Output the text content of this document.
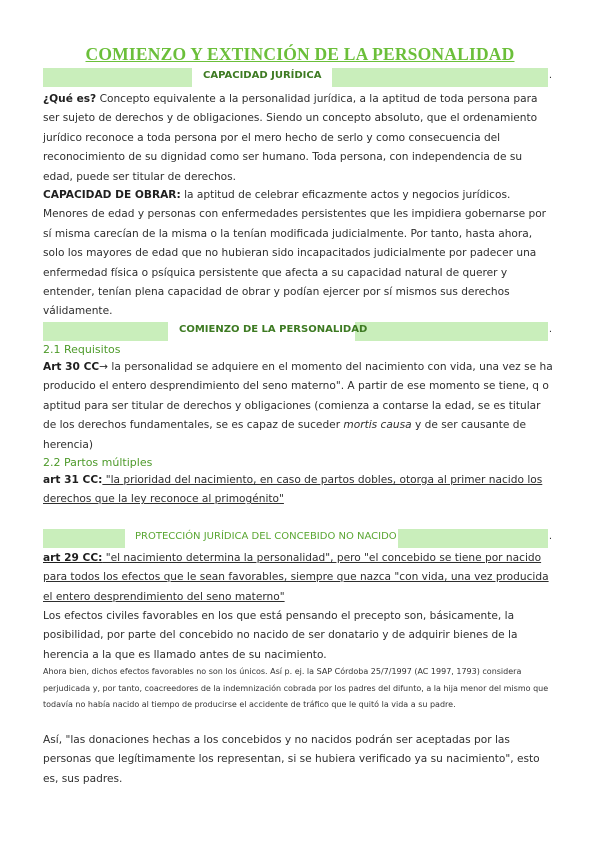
COMIENZO Y EXTINCIÓN DE LA PERSONALIDAD
CAPACIDAD JURÍDICA	.
¿Qué es? Concepto equivalente a la personalidad jurídica, a la aptitud de toda persona para ser sujeto de derechos y de obligaciones. Siendo un concepto absoluto, que el ordenamiento jurídico reconoce a toda persona por el mero hecho de serlo y como consecuencia del reconocimiento de su dignidad como ser humano. Toda persona, con independencia de su edad, puede ser titular de derechos.
CAPACIDAD DE OBRAR: la aptitud de celebrar eficazmente actos y negocios jurídicos. Menores de edad y personas con enfermedades persistentes que les impidiera gobernarse por sí misma carecían de la misma o la tenían modificada judicialmente. Por tanto, hasta ahora, solo los mayores de edad que no hubieran sido incapacitados judicialmente por padecer una enfermedad física o psíquica persistente que afecta a su capacidad natural de querer y entender, tenían plena capacidad de obrar y podían ejercer por sí mismos sus derechos válidamente.
COMIENZO DE LA PERSONALIDAD	.
2.1 Requisitos
Art 30 CC→ la personalidad se adquiere en el momento del nacimiento con vida, una vez se ha producido el entero desprendimiento del seno materno". A partir de ese momento se tiene, q o aptitud para ser titular de derechos y obligaciones (comienza a contarse la edad, se es titular de los derechos fundamentales, se es capaz de suceder mortis causa y de ser causante de herencia)
2.2 Partos múltiples
art 31 CC: "la prioridad del nacimiento, en caso de partos dobles, otorga al primer nacido los derechos que la ley reconoce al primogénito"
PROTECCIÓN JURÍDICA DEL CONCEBIDO NO NACIDO	.
art 29 CC: "el nacimiento determina la personalidad", pero "el concebido se tiene por nacido para todos los efectos que le sean favorables, siempre que nazca "con vida, una vez producida el entero desprendimiento del seno materno"
Los efectos civiles favorables en los que está pensando el precepto son, básicamente, la posibilidad, por parte del concebido no nacido de ser donatario y de adquirir bienes de la herencia a la que es llamado antes de su nacimiento.
Ahora bien, dichos efectos favorables no son los únicos. Así p. ej. la SAP Córdoba 25/7/1997 (AC 1997, 1793) considera perjudicada y, por tanto, coacreedores de la indemnización cobrada por los padres del difunto, a la hija menor del mismo que todavía no había nacido al tiempo de producirse el accidente de tráfico que le quitó la vida a su padre.
Así, "las donaciones hechas a los concebidos y no nacidos podrán ser aceptadas por las personas que legítimamente los representan, si se hubiera verificado ya su nacimiento", esto es, sus padres.
